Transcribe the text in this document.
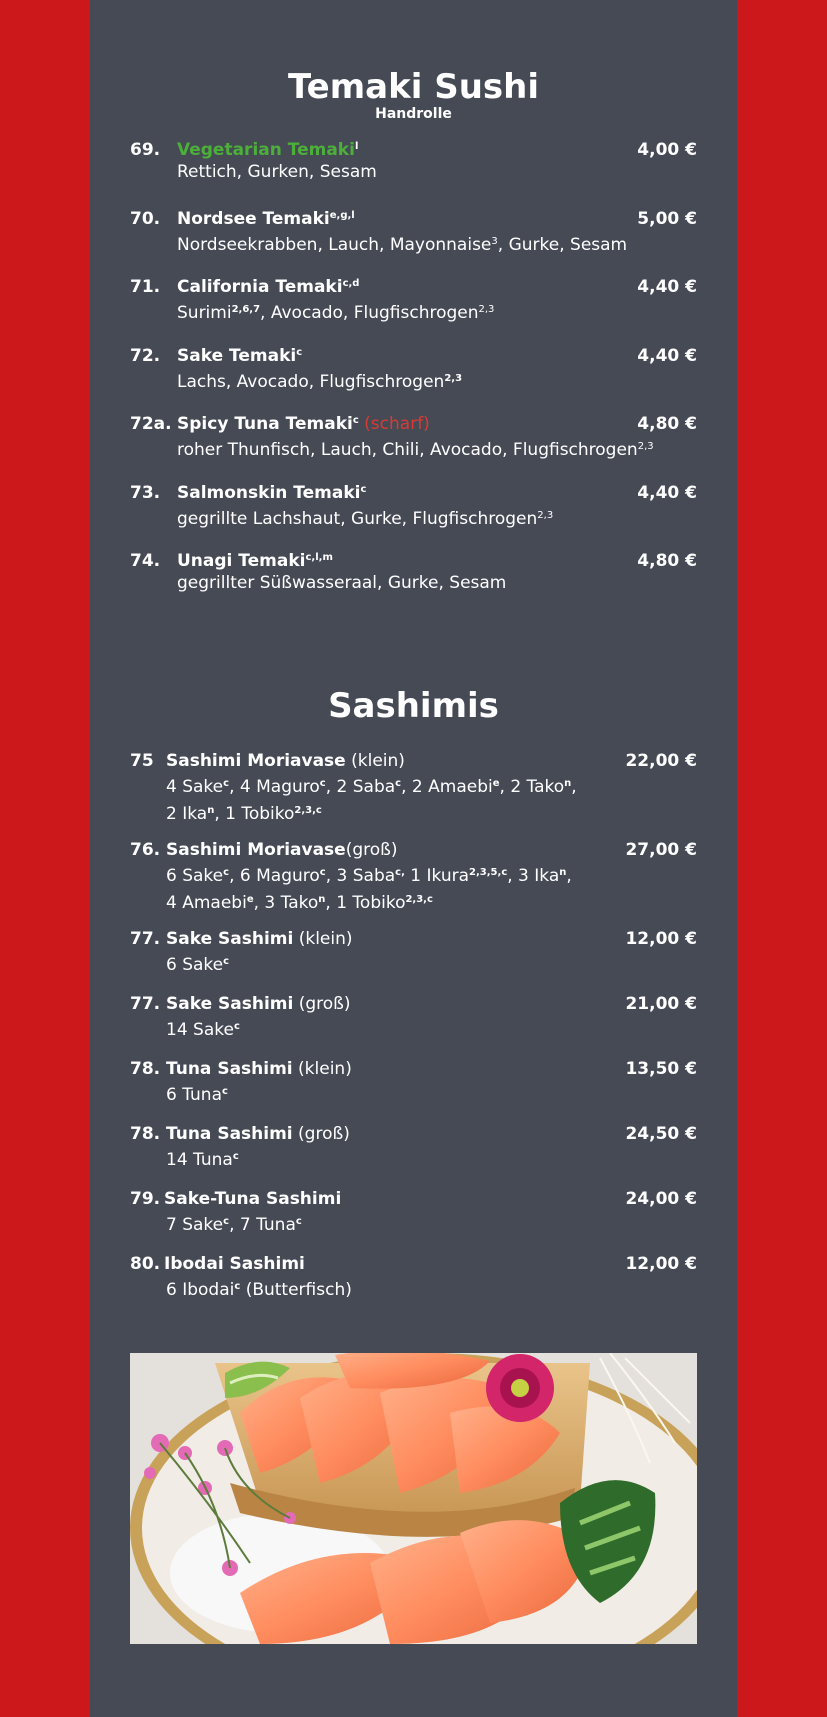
Temaki Sushi
Handrolle
69. Vegetarian Temaki$^l$	4,00 €
Rettich, Gurken, Sesam
70. Nordsee Temaki$^{e,g,l}$	5,00 €
Nordseekrabben, Lauch, Mayonnaise$^3$, Gurke, Sesam
71. California Temaki$^{c,d}$	4,40 €
Surimi$^{2,6,7}$, Avocado, Flugfischrogen$^{2,3}$
72. Sake Temaki$^c$	4,40 €
Lachs, Avocado, Flugfischrogen$^{2,3}$
72a. Spicy Tuna Temaki$^c$ (scharf)	4,80 €
roher Thunfisch, Lauch, Chili, Avocado, Flugfischrogen$^{2,3}$
73. Salmonskin Temaki$^c$	4,40 €
gegrillte Lachshaut, Gurke, Flugfischrogen$^{2,3}$
74. Unagi Temaki$^{c,l,m}$	4,80 €
gegrillter Süßwasseraal, Gurke, Sesam
Sashimis
75 Sashimi Moriavase (klein)	22,00 €
4 Sake$^c$, 4 Maguro$^c$, 2 Saba$^c$, 2 Amaebi$^e$, 2 Tako$^n$,
2 Ika$^n$, 1 Tobiko$^{2,3,c}$
76. Sashimi Moriavase(groß)	27,00 €
6 Sake$^c$, 6 Maguro$^c$, 3 Saba$^{c,}$ 1 Ikura$^{2,3,5,c}$, 3 Ika$^n$,
4 Amaebi$^e$, 3 Tako$^n$, 1 Tobiko$^{2,3,c}$
77. Sake Sashimi (klein)	12,00 €
6 Sake$^c$
77. Sake Sashimi (groß)	21,00 €
14 Sake$^c$
78. Tuna Sashimi (klein)	13,50 €
6 Tuna$^c$
78. Tuna Sashimi (groß)	24,50 €
14 Tuna$^c$
79. Sake-Tuna Sashimi	24,00 €
7 Sake$^c$, 7 Tuna$^c$
80. Ibodai Sashimi	12,00 €
6 Ibodai$^c$ (Butterfisch)
